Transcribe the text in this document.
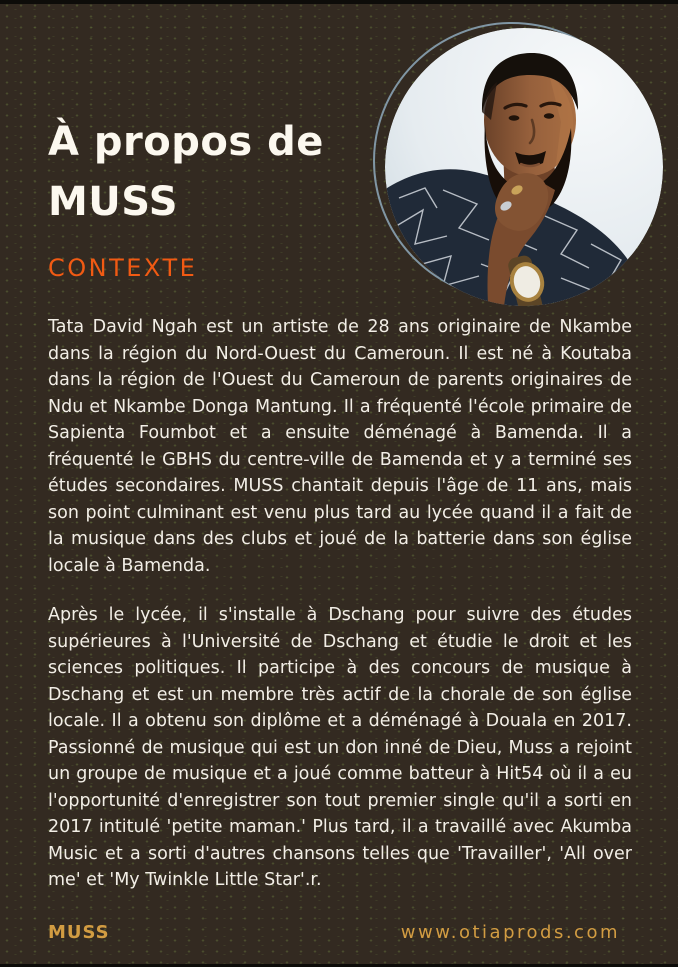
À propos de MUSS
CONTEXTE

Tata David Ngah est un artiste de 28 ans originaire de Nkambe dans la région du Nord-Ouest du Cameroun. Il est né à Koutaba dans la région de l'Ouest du Cameroun de parents originaires de Ndu et Nkambe Donga Mantung. Il a fréquenté l'école primaire de Sapienta Foumbot et a ensuite déménagé à Bamenda. Il a fréquenté le GBHS du centre-ville de Bamenda et y a terminé ses études secondaires. MUSS chantait depuis l'âge de 11 ans, mais son point culminant est venu plus tard au lycée quand il a fait de la musique dans des clubs et joué de la batterie dans son église locale à Bamenda.

Après le lycée, il s'installe à Dschang pour suivre des études supérieures à l'Université de Dschang et étudie le droit et les sciences politiques. Il participe à des concours de musique à Dschang et est un membre très actif de la chorale de son église locale. Il a obtenu son diplôme et a déménagé à Douala en 2017. Passionné de musique qui est un don inné de Dieu, Muss a rejoint un groupe de musique et a joué comme batteur à Hit54 où il a eu l'opportunité d'enregistrer son tout premier single qu'il a sorti en 2017 intitulé 'petite maman.' Plus tard, il a travaillé avec Akumba Music et a sorti d'autres chansons telles que 'Travailler', 'All over me' et 'My Twinkle Little Star'.r.

MUSS	www.otiaprods.com
